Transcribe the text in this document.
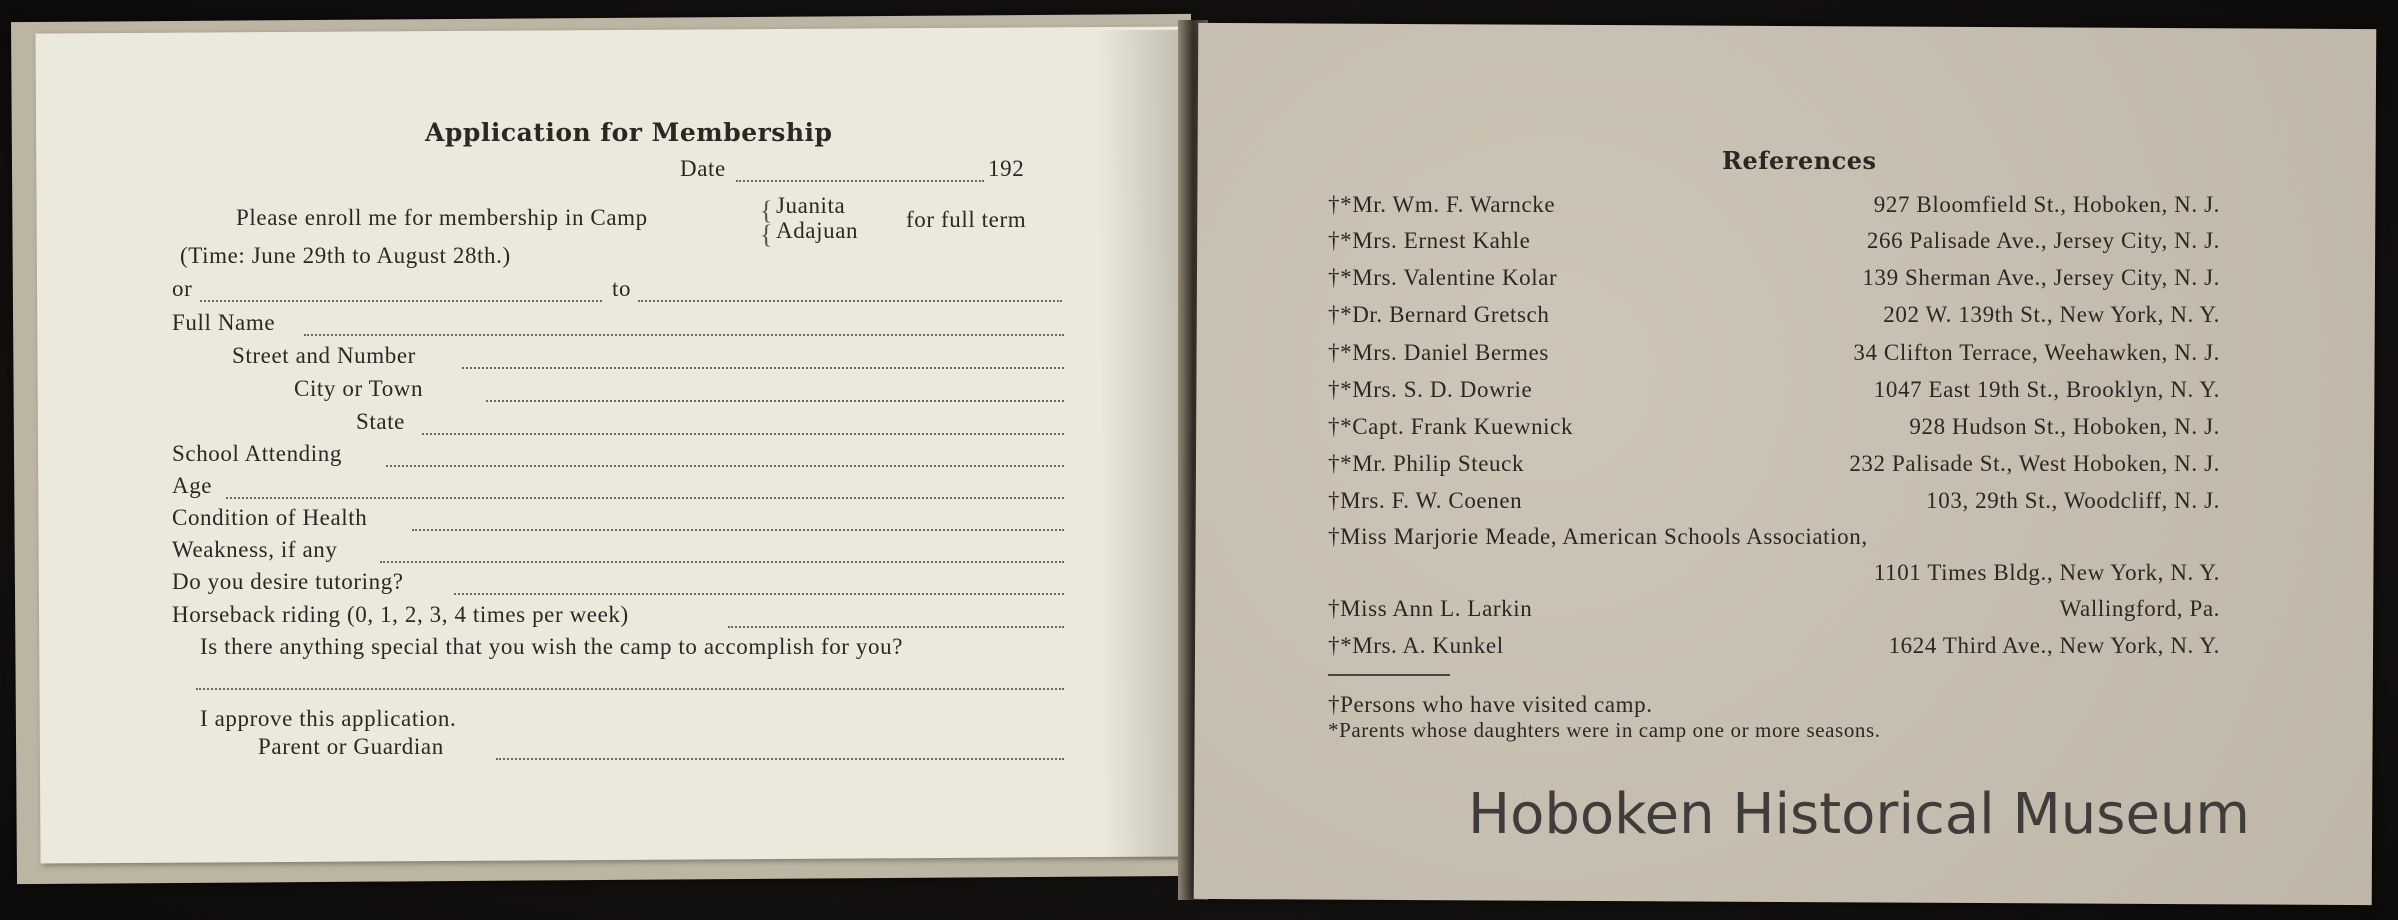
Application for Membership
Date	192
Please enroll me for membership in Camp	{
{
Juanita
Adajuan for full term
(Time: June 29th to August 28th.)
or	to
Full Name
Street and Number
City or Town
State
School Attending
Age
Condition of Health
Weakness, if any
Do you desire tutoring?
Horseback riding (0, 1, 2, 3, 4 times per week)
Is there anything special that you wish the camp to accomplish for you?
I approve this application.
Parent or Guardian
References
†*Mr. Wm. F. Warncke	927 Bloomfield St., Hoboken, N. J.
†*Mrs. Ernest Kahle	266 Palisade Ave., Jersey City, N. J.
†*Mrs. Valentine Kolar	139 Sherman Ave., Jersey City, N. J.
†*Dr. Bernard Gretsch	202 W. 139th St., New York, N. Y.
†*Mrs. Daniel Bermes	34 Clifton Terrace, Weehawken, N. J.
†*Mrs. S. D. Dowrie	1047 East 19th St., Brooklyn, N. Y.
†*Capt. Frank Kuewnick	928 Hudson St., Hoboken, N. J.
†*Mr. Philip Steuck	232 Palisade St., West Hoboken, N. J.
†Mrs. F. W. Coenen	103, 29th St., Woodcliff, N. J.
†Miss Marjorie Meade, American Schools Association,
1101 Times Bldg., New York, N. Y.
†Miss Ann L. Larkin	Wallingford, Pa.
†*Mrs. A. Kunkel	1624 Third Ave., New York, N. Y.
†Persons who have visited camp.
*Parents whose daughters were in camp one or more seasons.
Hoboken Historical Museum
